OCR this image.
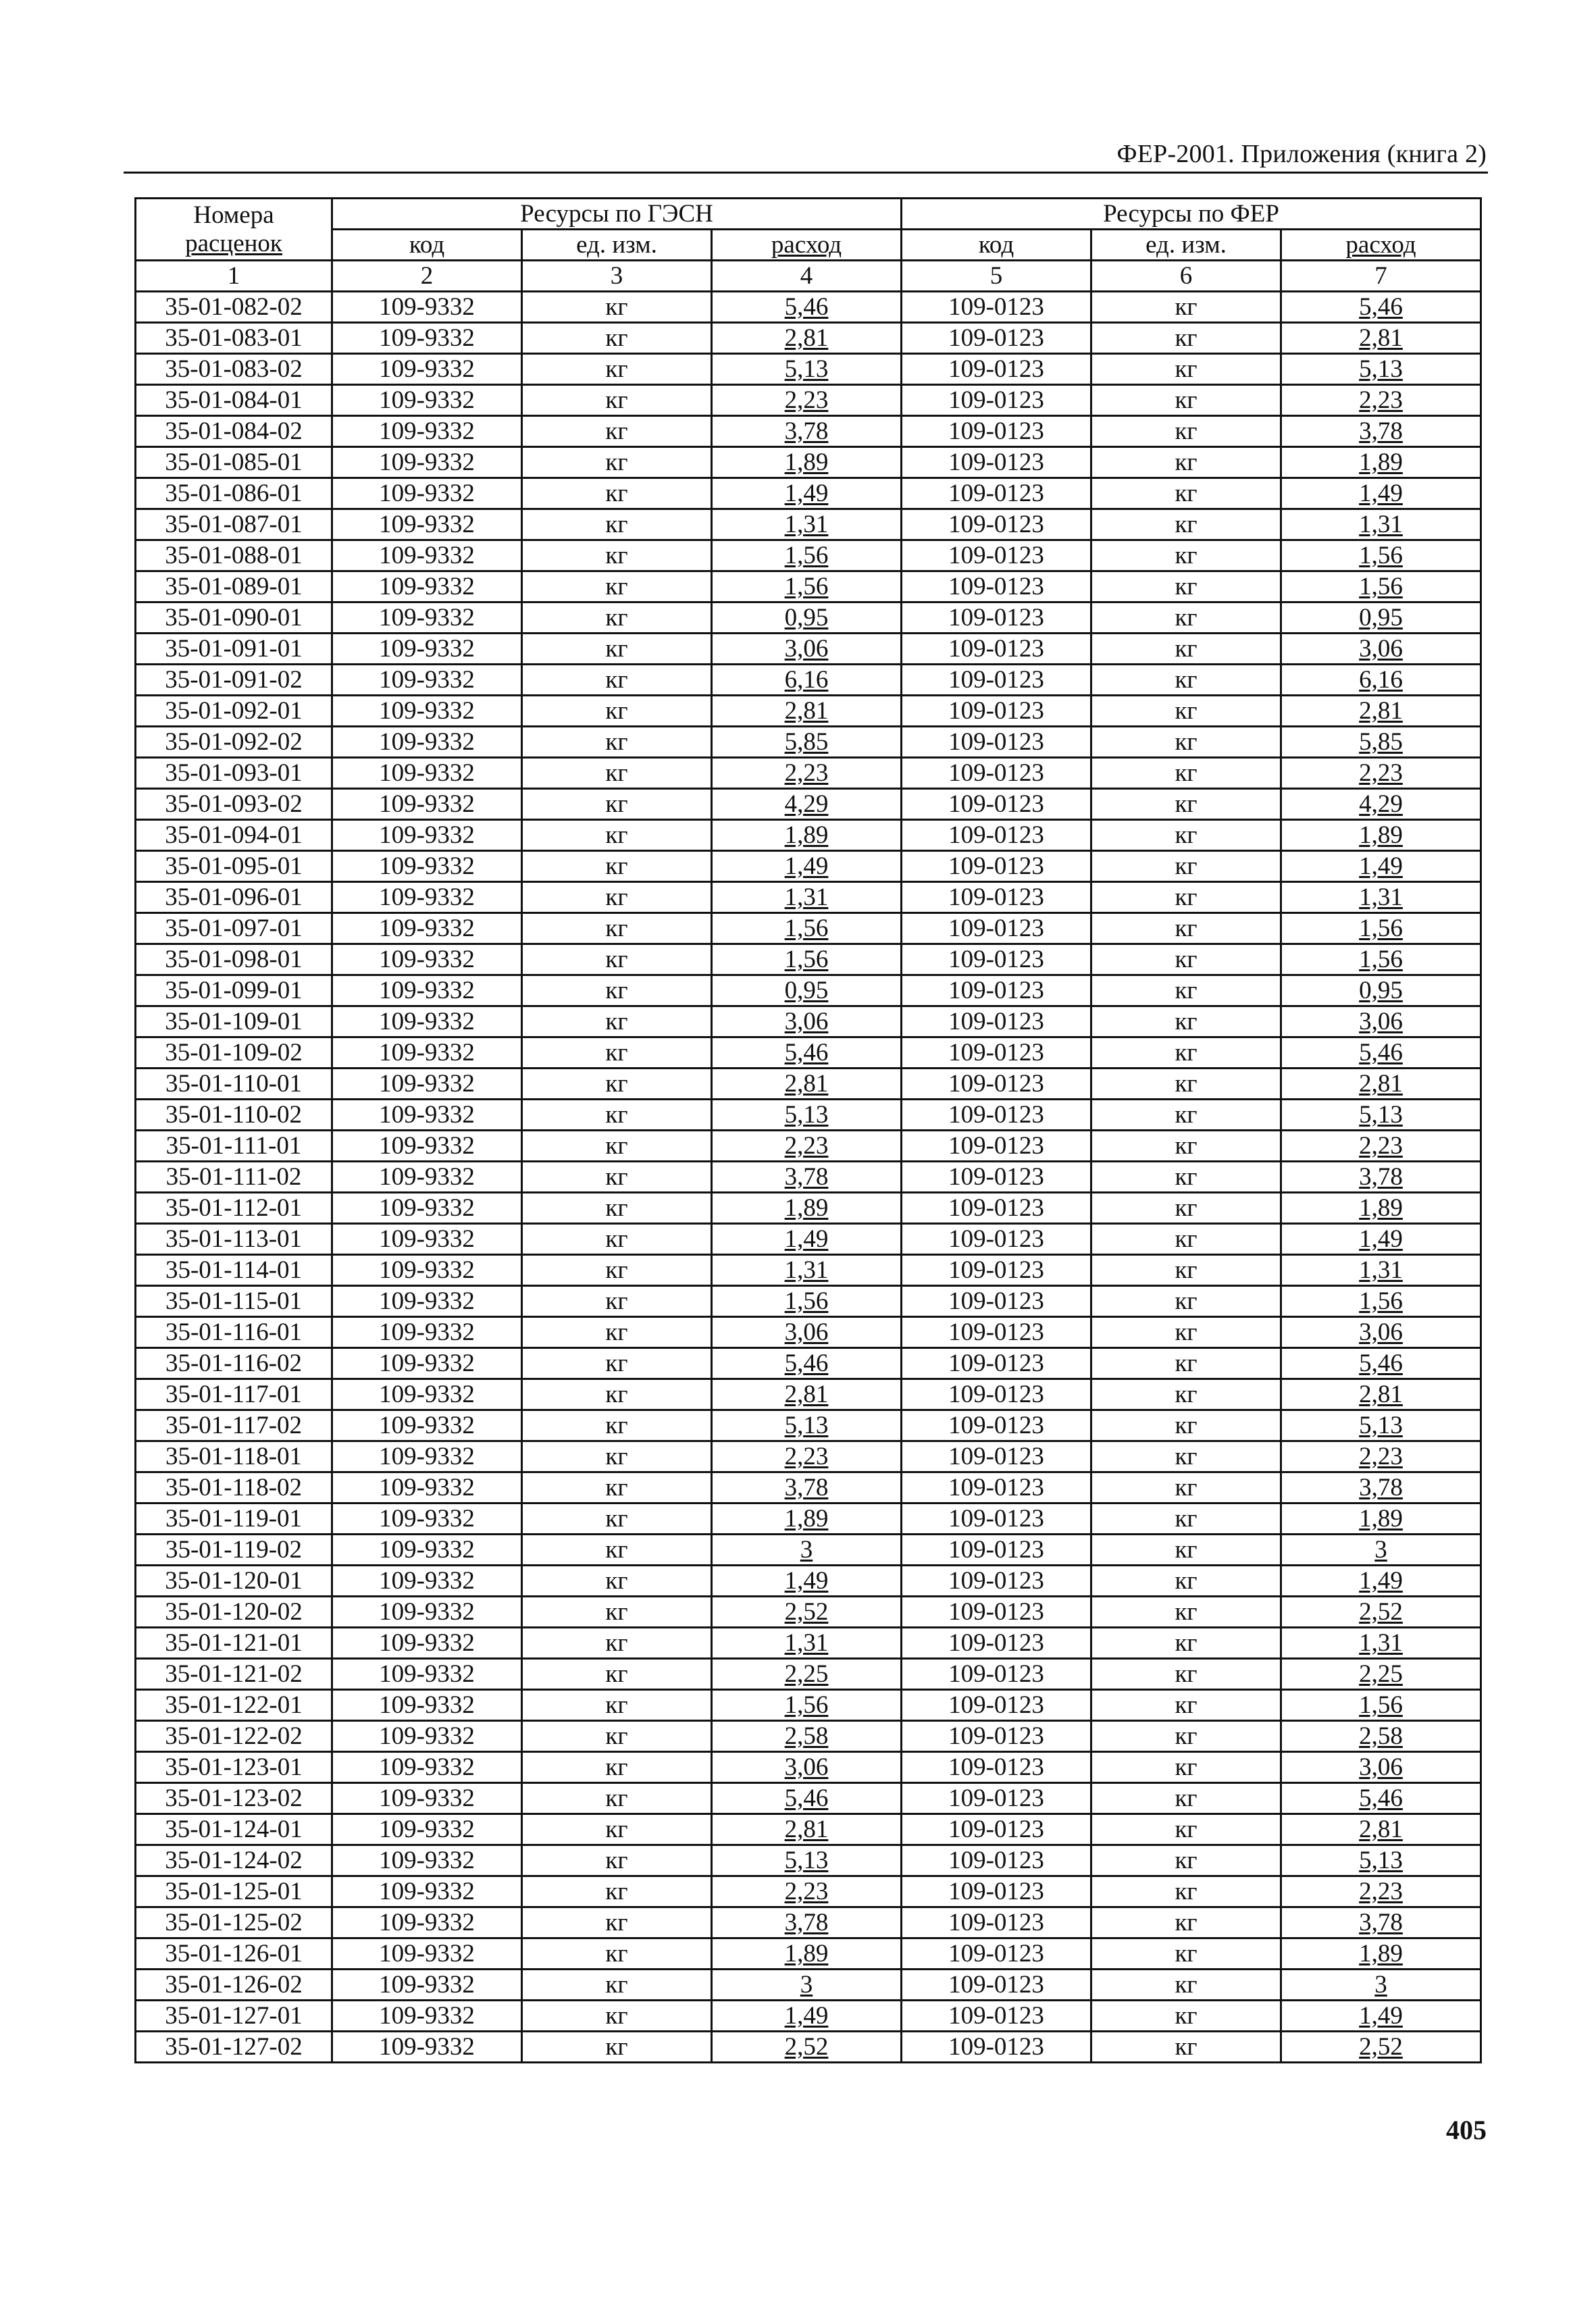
ФЕР-2001. Приложения (книга 2)
Номера
расценок	Ресурсы по ГЭСН			Ресурсы по ФЕР		
	код	ед. изм.	расход	код	ед. изм.	расход
1	2	3	4	5	6	7
35-01-082-02	109-9332	кг	5,46	109-0123	кг	5,46
35-01-083-01	109-9332	кг	2,81	109-0123	кг	2,81
35-01-083-02	109-9332	кг	5,13	109-0123	кг	5,13
35-01-084-01	109-9332	кг	2,23	109-0123	кг	2,23
35-01-084-02	109-9332	кг	3,78	109-0123	кг	3,78
35-01-085-01	109-9332	кг	1,89	109-0123	кг	1,89
35-01-086-01	109-9332	кг	1,49	109-0123	кг	1,49
35-01-087-01	109-9332	кг	1,31	109-0123	кг	1,31
35-01-088-01	109-9332	кг	1,56	109-0123	кг	1,56
35-01-089-01	109-9332	кг	1,56	109-0123	кг	1,56
35-01-090-01	109-9332	кг	0,95	109-0123	кг	0,95
35-01-091-01	109-9332	кг	3,06	109-0123	кг	3,06
35-01-091-02	109-9332	кг	6,16	109-0123	кг	6,16
35-01-092-01	109-9332	кг	2,81	109-0123	кг	2,81
35-01-092-02	109-9332	кг	5,85	109-0123	кг	5,85
35-01-093-01	109-9332	кг	2,23	109-0123	кг	2,23
35-01-093-02	109-9332	кг	4,29	109-0123	кг	4,29
35-01-094-01	109-9332	кг	1,89	109-0123	кг	1,89
35-01-095-01	109-9332	кг	1,49	109-0123	кг	1,49
35-01-096-01	109-9332	кг	1,31	109-0123	кг	1,31
35-01-097-01	109-9332	кг	1,56	109-0123	кг	1,56
35-01-098-01	109-9332	кг	1,56	109-0123	кг	1,56
35-01-099-01	109-9332	кг	0,95	109-0123	кг	0,95
35-01-109-01	109-9332	кг	3,06	109-0123	кг	3,06
35-01-109-02	109-9332	кг	5,46	109-0123	кг	5,46
35-01-110-01	109-9332	кг	2,81	109-0123	кг	2,81
35-01-110-02	109-9332	кг	5,13	109-0123	кг	5,13
35-01-111-01	109-9332	кг	2,23	109-0123	кг	2,23
35-01-111-02	109-9332	кг	3,78	109-0123	кг	3,78
35-01-112-01	109-9332	кг	1,89	109-0123	кг	1,89
35-01-113-01	109-9332	кг	1,49	109-0123	кг	1,49
35-01-114-01	109-9332	кг	1,31	109-0123	кг	1,31
35-01-115-01	109-9332	кг	1,56	109-0123	кг	1,56
35-01-116-01	109-9332	кг	3,06	109-0123	кг	3,06
35-01-116-02	109-9332	кг	5,46	109-0123	кг	5,46
35-01-117-01	109-9332	кг	2,81	109-0123	кг	2,81
35-01-117-02	109-9332	кг	5,13	109-0123	кг	5,13
35-01-118-01	109-9332	кг	2,23	109-0123	кг	2,23
35-01-118-02	109-9332	кг	3,78	109-0123	кг	3,78
35-01-119-01	109-9332	кг	1,89	109-0123	кг	1,89
35-01-119-02	109-9332	кг	3	109-0123	кг	3
35-01-120-01	109-9332	кг	1,49	109-0123	кг	1,49
35-01-120-02	109-9332	кг	2,52	109-0123	кг	2,52
35-01-121-01	109-9332	кг	1,31	109-0123	кг	1,31
35-01-121-02	109-9332	кг	2,25	109-0123	кг	2,25
35-01-122-01	109-9332	кг	1,56	109-0123	кг	1,56
35-01-122-02	109-9332	кг	2,58	109-0123	кг	2,58
35-01-123-01	109-9332	кг	3,06	109-0123	кг	3,06
35-01-123-02	109-9332	кг	5,46	109-0123	кг	5,46
35-01-124-01	109-9332	кг	2,81	109-0123	кг	2,81
35-01-124-02	109-9332	кг	5,13	109-0123	кг	5,13
35-01-125-01	109-9332	кг	2,23	109-0123	кг	2,23
35-01-125-02	109-9332	кг	3,78	109-0123	кг	3,78
35-01-126-01	109-9332	кг	1,89	109-0123	кг	1,89
35-01-126-02	109-9332	кг	3	109-0123	кг	3
35-01-127-01	109-9332	кг	1,49	109-0123	кг	1,49
35-01-127-02	109-9332	кг	2,52	109-0123	кг	2,52
405
